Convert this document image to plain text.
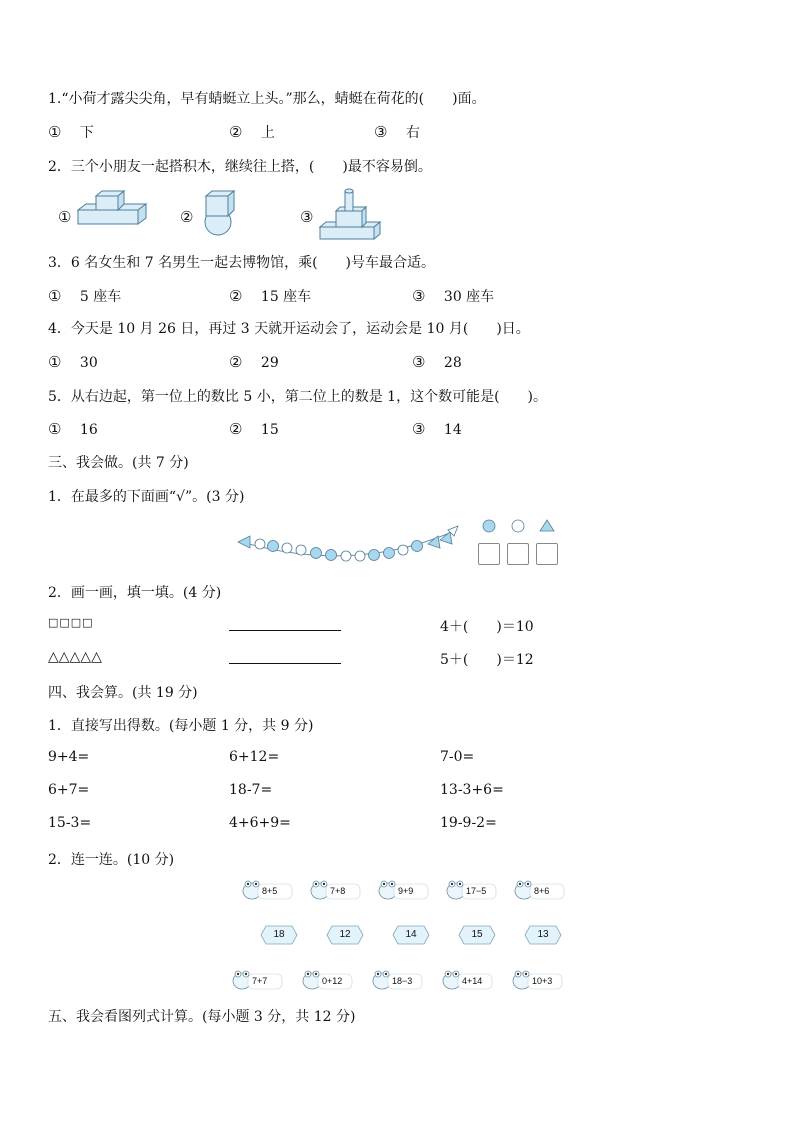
1.“小荷才露尖尖角，早有蜻蜓立上头。”那么，蜻蜓在荷花的(　　)面。
①　 下	②　 上	③　 右
2．三个小朋友一起搭积木，继续往上搭，(　　)最不容易倒。
①	②	③
3．6 名女生和 7 名男生一起去博物馆，乘(　　)号车最合适。
①　 5 座车	②　 15 座车	③　 30 座车
4．今天是 10 月 26 日，再过 3 天就开运动会了，运动会是 10 月(　　)日。
①　 30	②　 29	③　 28
5．从右边起，第一位上的数比 5 小，第二位上的数是 1，这个数可能是(　　)。
①　 16	②　 15	③　 14
三、我会做。(共 7 分)
1．在最多的下面画“√”。(3 分)
2．画一画，填一填。(4 分)
□□□□	4＋(　　)＝10
△△△△△	5＋(　　)＝12
四、我会算。(共 19 分)
1．直接写出得数。(每小题 1 分，共 9 分)
9+4=	6+12=	7-0=
6+7=	18-7=	13-3+6=
15-3=	4+6+9=	19-9-2=
2．连一连。(10 分)
8+5	7+8	9+9	17−5	8+6
18	12	14	15	13
7+7	0+12	18−3	4+14	10+3
五、我会看图列式计算。(每小题 3 分，共 12 分)
